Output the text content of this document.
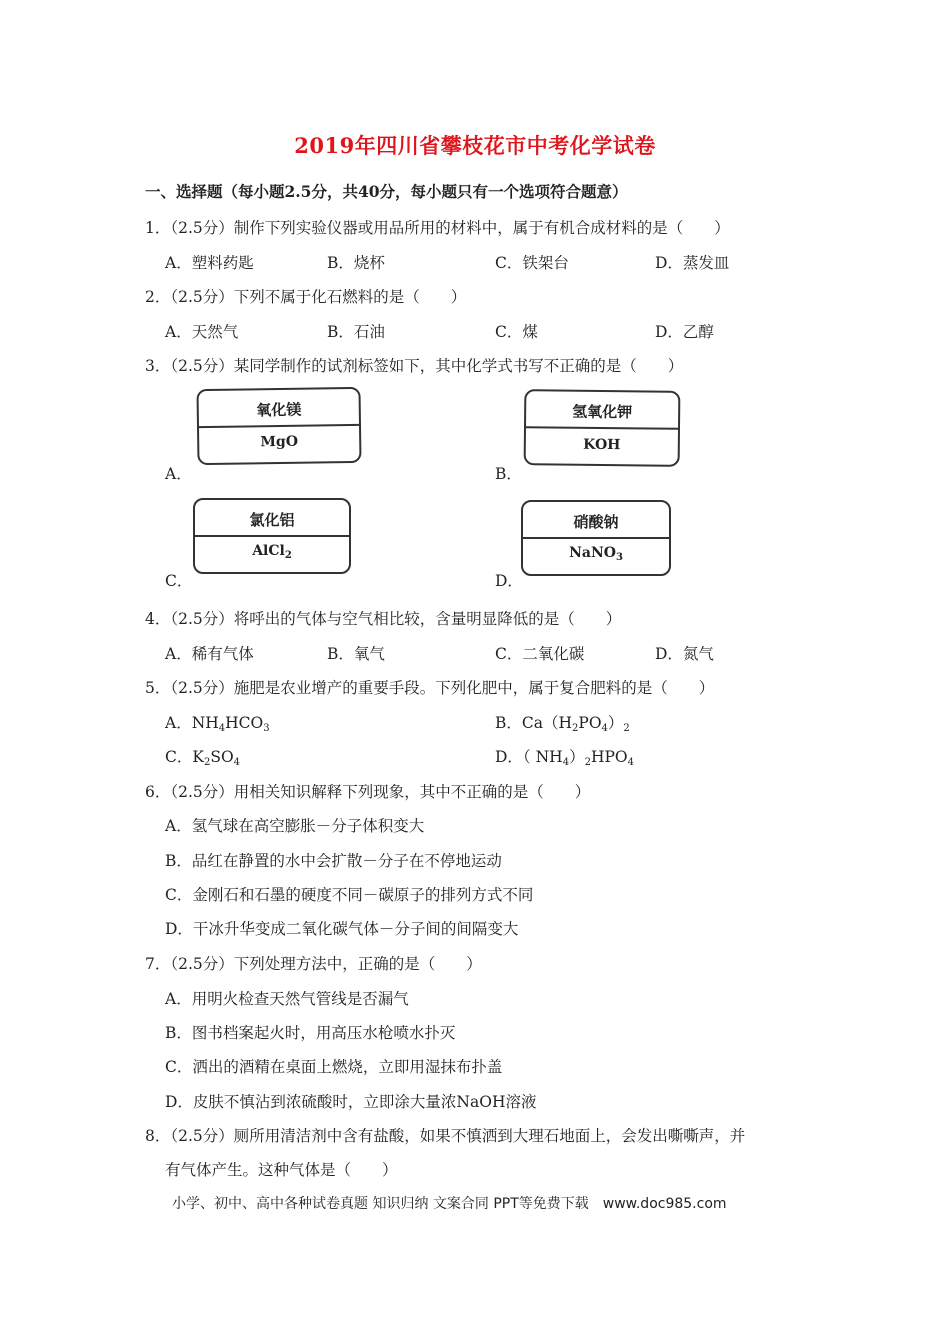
2019年四川省攀枝花市中考化学试卷
一、选择题（每小题2.5分，共40分，每小题只有一个选项符合题意）
1．（2.5分）制作下列实验仪器或用品所用的材料中，属于有机合成材料的是（　　）
A．塑料药匙	B．烧杯	C．铁架台	D．蒸发皿
2．（2.5分）下列不属于化石燃料的是（　　）
A．天然气	B．石油	C．煤	D．乙醇
3．（2.5分）某同学制作的试剂标签如下，其中化学式书写不正确的是（　　）
A．
氧化镁
MgO
B．
氢氧化钾
KOH
C．
氯化铝
AlCl$_2$
D．
硝酸钠
NaNO$_3$
4．（2.5分）将呼出的气体与空气相比较，含量明显降低的是（　　）
A．稀有气体	B．氧气	C．二氧化碳	D．氮气
5．（2.5分）施肥是农业增产的重要手段。下列化肥中，属于复合肥料的是（　　）
A．$NH_4HCO_3$	B．$Ca(H_2PO_4)_2$
C．$K_2SO_4$	D．（ $NH_4)_2HPO_4$
6．（2.5分）用相关知识解释下列现象，其中不正确的是（　　）
A．氢气球在高空膨胀－分子体积变大
B．品红在静置的水中会扩散－分子在不停地运动
C．金刚石和石墨的硬度不同－碳原子的排列方式不同
D．干冰升华变成二氧化碳气体－分子间的间隔变大
7．（2.5分）下列处理方法中，正确的是（　　）
A．用明火检查天然气管线是否漏气
B．图书档案起火时，用高压水枪喷水扑灭
C．洒出的酒精在桌面上燃烧，立即用湿抹布扑盖
D．皮肤不慎沾到浓硫酸时，立即涂大量浓NaOH溶液
8．（2.5分）厕所用清洁剂中含有盐酸，如果不慎洒到大理石地面上，会发出嘶嘶声，并
有气体产生。这种气体是（　　）
小学、初中、高中各种试卷真题 知识归纳 文案合同 PPT等免费下载　www.doc985.com
